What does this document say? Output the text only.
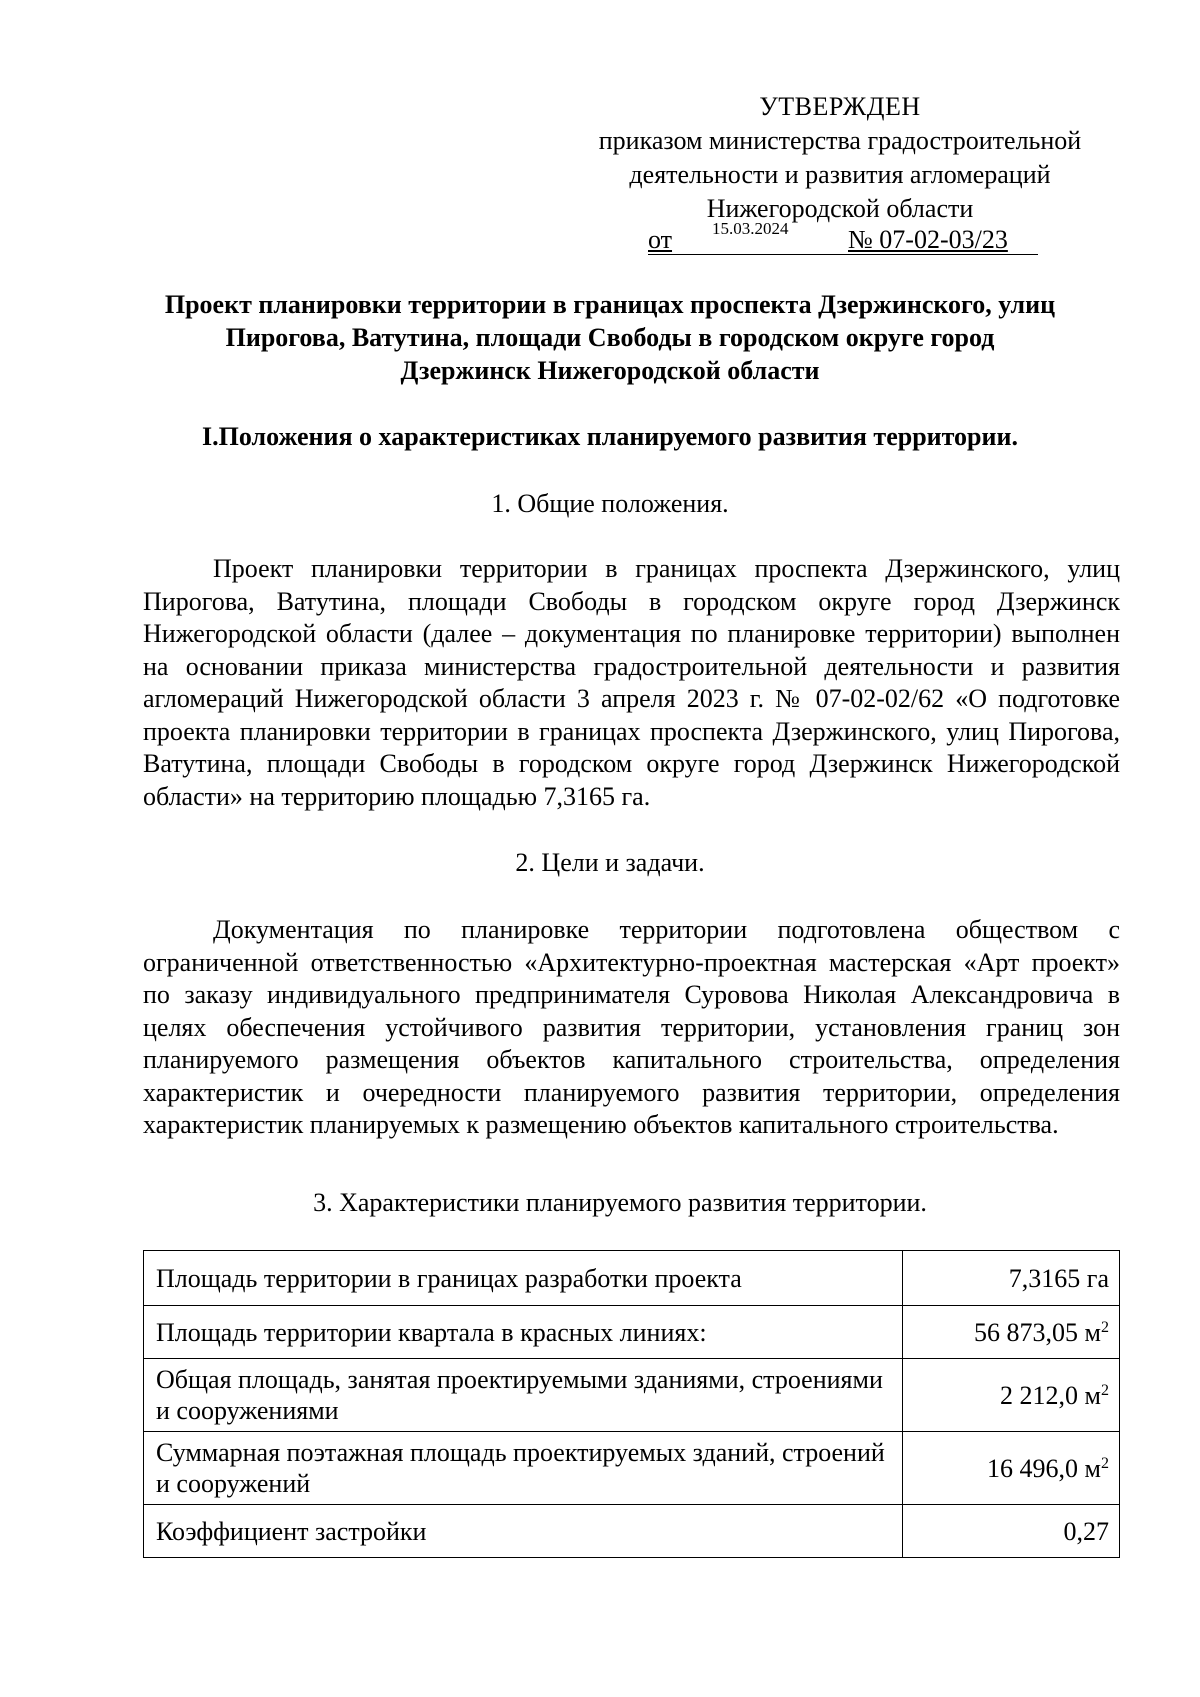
УТВЕРЖДЕН
приказом министерства градостроительной
деятельности и развития агломераций
Нижегородской области
от 15.03.2024 № 07-02-03/23
Проект планировки территории в границах проспекта Дзержинского, улиц
Пирогова, Ватутина, площади Свободы в городском округе город
Дзержинск Нижегородской области
I.Положения о характеристиках планируемого развития территории.
1. Общие положения.
Проект планировки территории в границах проспекта Дзержинского, улиц Пирогова, Ватутина, площади Свободы в городском округе город Дзержинск Нижегородской области (далее – документация по планировке территории) выполнен на основании приказа министерства градостроительной деятельности и развития агломераций Нижегородской области 3 апреля 2023 г. № 07-02-02/62 «О подготовке проекта планировки территории в границах проспекта Дзержинского, улиц Пирогова, Ватутина, площади Свободы в городском округе город Дзержинск Нижегородской области» на территорию площадью 7,3165 га.
2. Цели и задачи.
Документация по планировке территории подготовлена обществом с ограниченной ответственностью «Архитектурно-проектная мастерская «Арт проект» по заказу индивидуального предпринимателя Суровова Николая Александровича в целях обеспечения устойчивого развития территории, установления границ зон планируемого размещения объектов капитального строительства, определения характеристик и очередности планируемого развития территории, определения характеристик планируемых к размещению объектов капитального строительства.
3. Характеристики планируемого развития территории.
Площадь территории в границах разработки проекта	7,3165 га
Площадь территории квартала в красных линиях:	56 873,05 $м^2$
Общая площадь, занятая проектируемыми зданиями, строениями и сооружениями	2 212,0 $м^2$
Суммарная поэтажная площадь проектируемых зданий, строений и сооружений	16 496,0 $м^2$
Коэффициент застройки	0,27
